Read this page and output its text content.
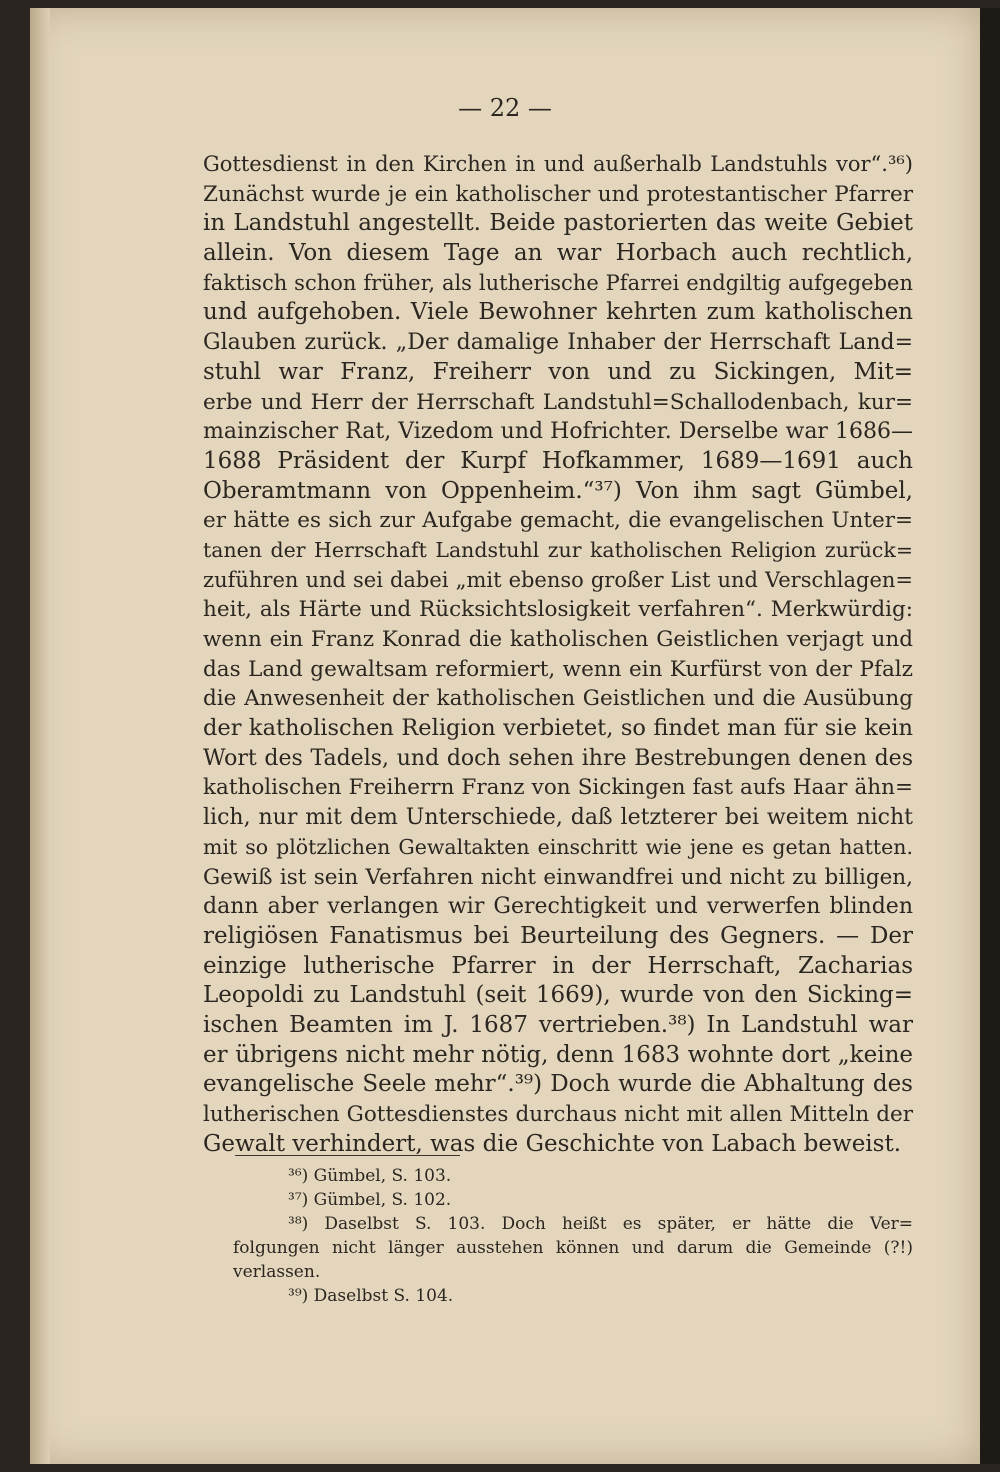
— 22 —
Gottesdienst in den Kirchen in und außerhalb Landstuhls vor“.³⁶)
Zunächst wurde je ein katholischer und protestantischer Pfarrer
in Landstuhl angestellt. Beide pastorierten das weite Gebiet
allein. Von diesem Tage an war Horbach auch rechtlich,
faktisch schon früher, als lutherische Pfarrei endgiltig aufgegeben
und aufgehoben. Viele Bewohner kehrten zum katholischen
Glauben zurück. „Der damalige Inhaber der Herrschaft Land=
stuhl war Franz, Freiherr von und zu Sickingen, Mit=
erbe und Herr der Herrschaft Landstuhl=Schallodenbach, kur=
mainzischer Rat, Vizedom und Hofrichter. Derselbe war 1686—
1688 Präsident der Kurpf Hofkammer, 1689—1691 auch
Oberamtmann von Oppenheim.“³⁷) Von ihm sagt Gümbel,
er hätte es sich zur Aufgabe gemacht, die evangelischen Unter=
tanen der Herrschaft Landstuhl zur katholischen Religion zurück=
zuführen und sei dabei „mit ebenso großer List und Verschlagen=
heit, als Härte und Rücksichtslosigkeit verfahren“. Merkwürdig:
wenn ein Franz Konrad die katholischen Geistlichen verjagt und
das Land gewaltsam reformiert, wenn ein Kurfürst von der Pfalz
die Anwesenheit der katholischen Geistlichen und die Ausübung
der katholischen Religion verbietet, so findet man für sie kein
Wort des Tadels, und doch sehen ihre Bestrebungen denen des
katholischen Freiherrn Franz von Sickingen fast aufs Haar ähn=
lich, nur mit dem Unterschiede, daß letzterer bei weitem nicht
mit so plötzlichen Gewaltakten einschritt wie jene es getan hatten.
Gewiß ist sein Verfahren nicht einwandfrei und nicht zu billigen,
dann aber verlangen wir Gerechtigkeit und verwerfen blinden
religiösen Fanatismus bei Beurteilung des Gegners. — Der
einzige lutherische Pfarrer in der Herrschaft, Zacharias
Leopoldi zu Landstuhl (seit 1669), wurde von den Sicking=
ischen Beamten im J. 1687 vertrieben.³⁸) In Landstuhl war
er übrigens nicht mehr nötig, denn 1683 wohnte dort „keine
evangelische Seele mehr“.³⁹) Doch wurde die Abhaltung des
lutherischen Gottesdienstes durchaus nicht mit allen Mitteln der
Gewalt verhindert, was die Geschichte von Labach beweist.
³⁶) Gümbel, S. 103.
³⁷) Gümbel, S. 102.
³⁸) Daselbst S. 103. Doch heißt es später, er hätte die Ver=
folgungen nicht länger ausstehen können und darum die Gemeinde (?!)
verlassen.
³⁹) Daselbst S. 104.
